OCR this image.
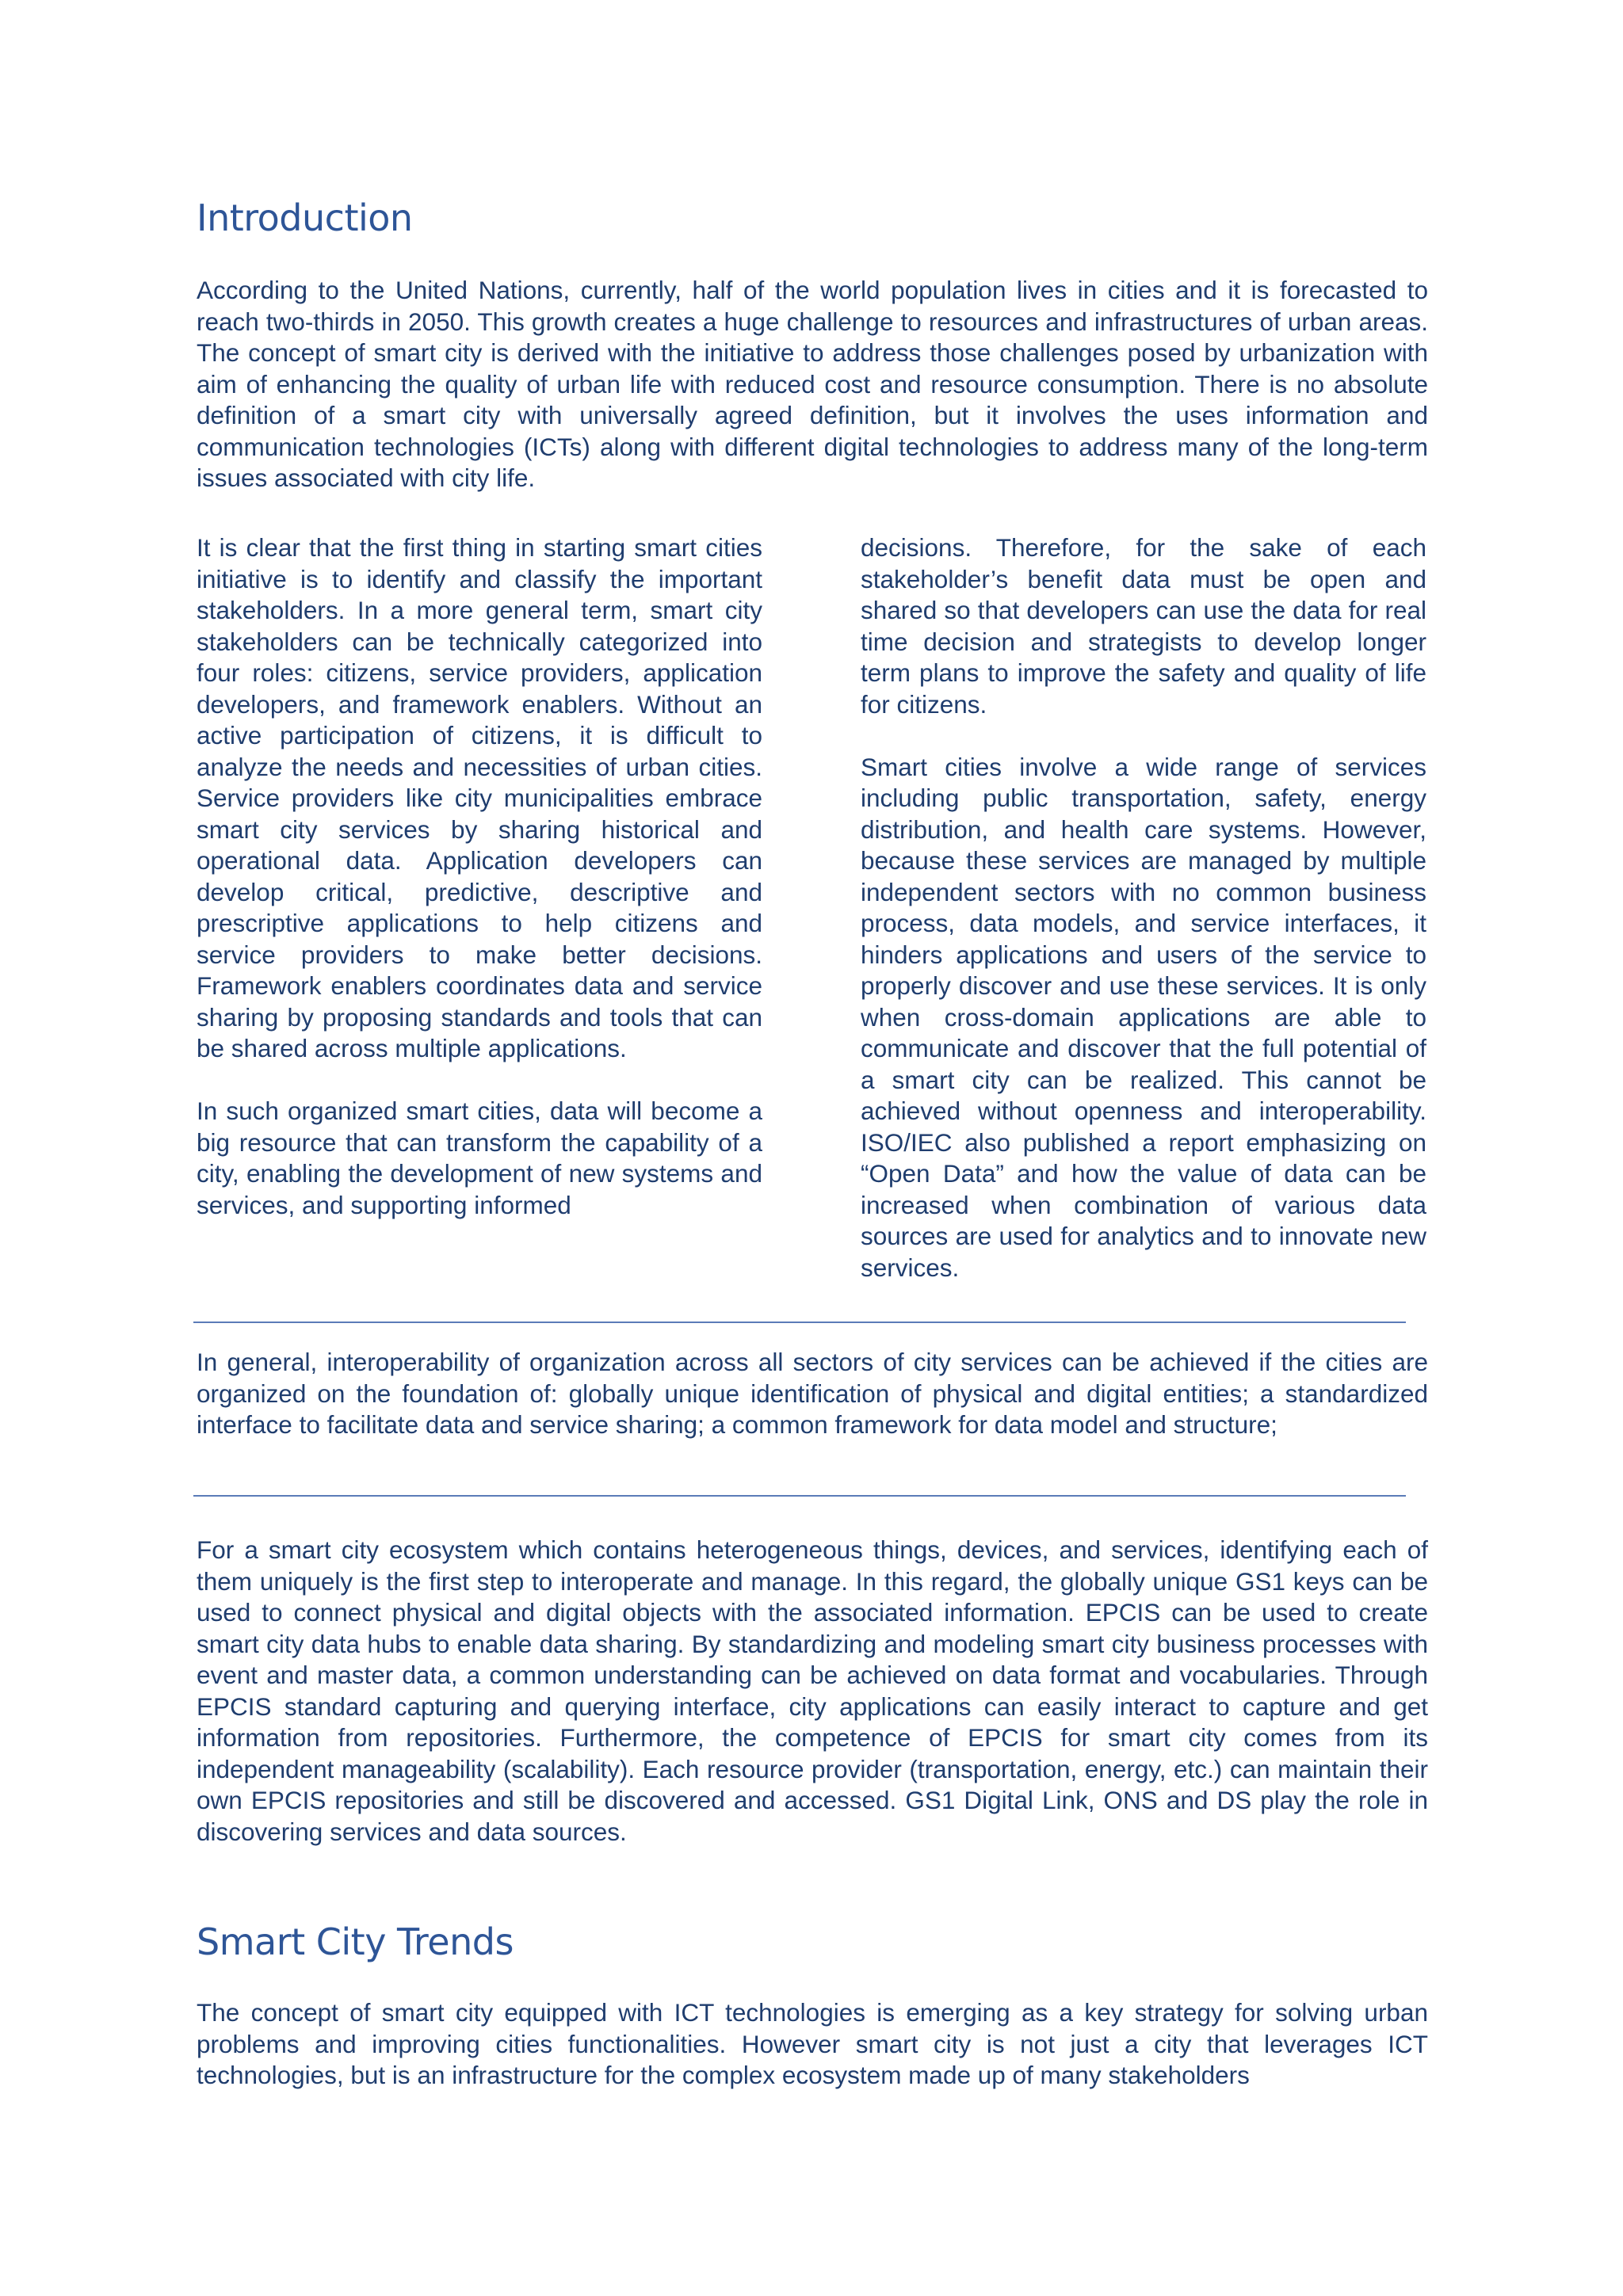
Introduction

According to the United Nations, currently, half of the world population lives in cities and it is forecasted to reach two-thirds in 2050. This growth creates a huge challenge to resources and infrastructures of urban areas. The concept of smart city is derived with the initiative to address those challenges posed by urbanization with aim of enhancing the quality of urban life with reduced cost and resource consumption. There is no absolute definition of a smart city with universally agreed definition, but it involves the uses information and communication technologies (ICTs) along with different digital technologies to address many of the long-term issues associated with city life.

It is clear that the first thing in starting smart cities initiative is to identify and classify the important stakeholders. In a more general term, smart city stakeholders can be technically categorized into four roles: citizens, service providers, application developers, and framework enablers. Without an active participation of citizens, it is difficult to analyze the needs and necessities of urban cities. Service providers like city municipalities embrace smart city services by sharing historical and operational data. Application developers can develop critical, predictive, descriptive and prescriptive applications to help citizens and service providers to make better decisions. Framework enablers coordinates data and service sharing by proposing standards and tools that can be shared across multiple applications.

In such organized smart cities, data will become a big resource that can transform the capability of a city, enabling the development of new systems and services, and supporting informed

decisions. Therefore, for the sake of each stakeholder’s benefit data must be open and shared so that developers can use the data for real time decision and strategists to develop longer term plans to improve the safety and quality of life for citizens.

Smart cities involve a wide range of services including public transportation, safety, energy distribution, and health care systems. However, because these services are managed by multiple independent sectors with no common business process, data models, and service interfaces, it hinders applications and users of the service to properly discover and use these services. It is only when cross-domain applications are able to communicate and discover that the full potential of a smart city can be realized. This cannot be achieved without openness and interoperability. ISO/IEC also published a report emphasizing on “Open Data” and how the value of data can be increased when combination of various data sources are used for analytics and to innovate new services.

In general, interoperability of organization across all sectors of city services can be achieved if the cities are organized on the foundation of: globally unique identification of physical and digital entities; a standardized interface to facilitate data and service sharing; a common framework for data model and structure;

For a smart city ecosystem which contains heterogeneous things, devices, and services, identifying each of them uniquely is the first step to interoperate and manage. In this regard, the globally unique GS1 keys can be used to connect physical and digital objects with the associated information. EPCIS can be used to create smart city data hubs to enable data sharing. By standardizing and modeling smart city business processes with event and master data, a common understanding can be achieved on data format and vocabularies. Through EPCIS standard capturing and querying interface, city applications can easily interact to capture and get information from repositories. Furthermore, the competence of EPCIS for smart city comes from its independent manageability (scalability). Each resource provider (transportation, energy, etc.) can maintain their own EPCIS repositories and still be discovered and accessed. GS1 Digital Link, ONS and DS play the role in discovering services and data sources.

Smart City Trends

The concept of smart city equipped with ICT technologies is emerging as a key strategy for solving urban problems and improving cities functionalities. However smart city is not just a city that leverages ICT technologies, but is an infrastructure for the complex ecosystem made up of many stakeholders
